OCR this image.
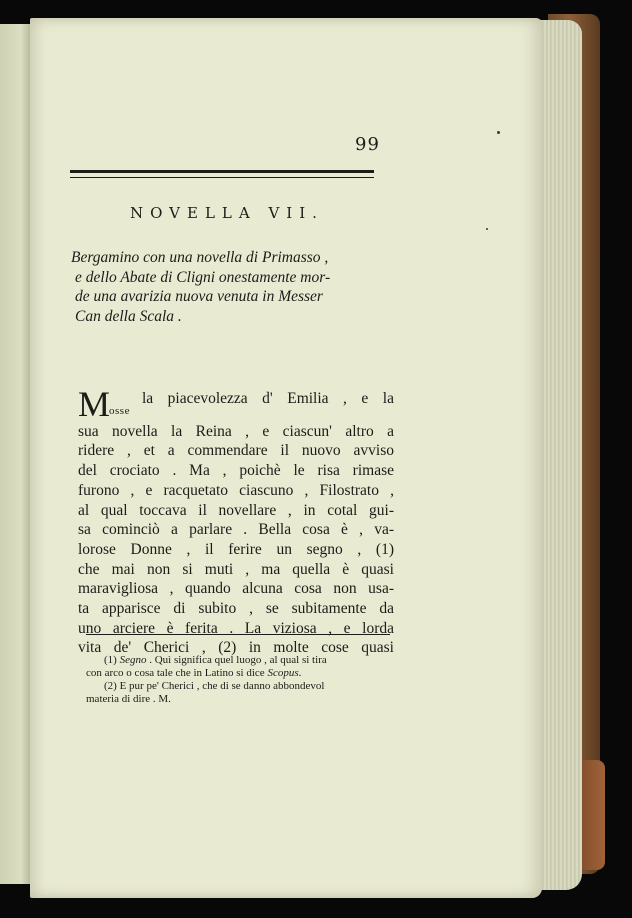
99
NOVELLA VII.
Bergamino con una novella di Primasso ,
e dello Abate di Cligni onestamente mor-
de una avarizia nuova venuta in Messer
Can della Scala .
Mosse
la piacevolezza d' Emilia , e la
sua novella la Reina , e ciascun' altro a
ridere , et a commendare il nuovo avviso
del crociato . Ma , poichè le risa rimase
furono , e racquetato ciascuno , Filostrato ,
al qual toccava il novellare , in cotal gui-
sa cominciò a parlare . Bella cosa è , va-
lorose Donne , il ferire un segno , (1)
che mai non si muti , ma quella è quasi
maravigliosa , quando alcuna cosa non usa-
ta apparisce di subito , se subitamente da
uno arciere è ferita . La viziosa , e lorda
vita de' Cherici , (2) in molte cose quasi
(1) Segno . Quì significa quel luogo , al qual si tira
con arco o cosa tale che in Latino si dice Scopus.
(2) E pur pe' Cherici , che di se danno abbondevol
materia di dire . M.
